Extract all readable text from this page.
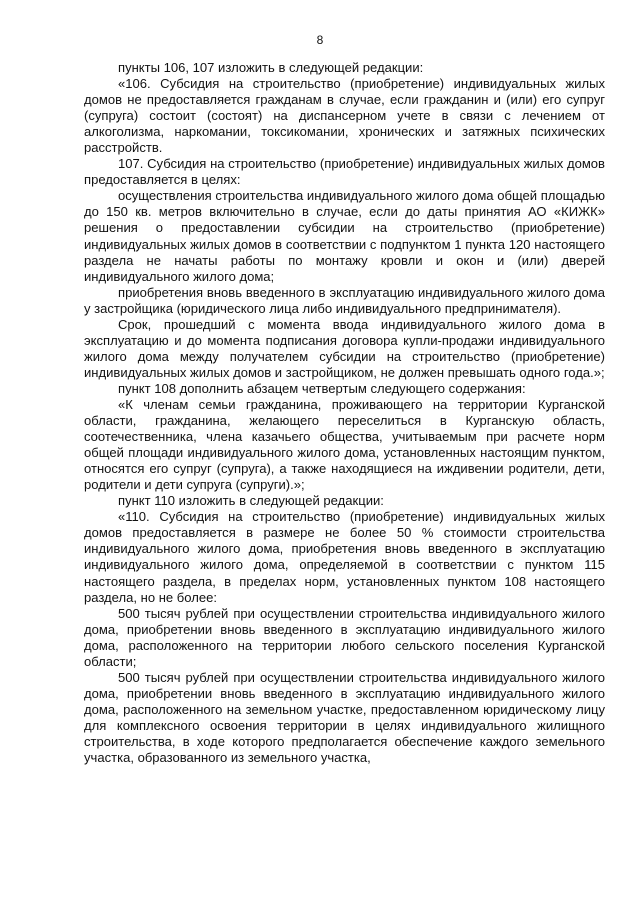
8

пункты 106, 107 изложить в следующей редакции:

«106. Субсидия на строительство (приобретение) индивидуальных жилых домов не предоставляется гражданам в случае, если гражданин и (или) его супруг (супруга) состоит (состоят) на диспансерном учете в связи с лечением от алкоголизма, наркомании, токсикомании, хронических и затяжных психических расстройств.

107. Субсидия на строительство (приобретение) индивидуальных жилых домов предоставляется в целях:

осуществления строительства индивидуального жилого дома общей площадью до 150 кв. метров включительно в случае, если до даты принятия АО «КИЖК» решения о предоставлении субсидии на строительство (приобретение) индивидуальных жилых домов в соответствии с подпунктом 1 пункта 120 настоящего раздела не начаты работы по монтажу кровли и окон и (или) дверей индивидуального жилого дома;

приобретения вновь введенного в эксплуатацию индивидуального жилого дома у застройщика (юридического лица либо индивидуального предпринимателя).

Срок, прошедший с момента ввода индивидуального жилого дома в эксплуатацию и до момента подписания договора купли-продажи индивидуального жилого дома между получателем субсидии на строительство (приобретение) индивидуальных жилых домов и застройщиком, не должен превышать одного года.»;

пункт 108 дополнить абзацем четвертым следующего содержания:

«К членам семьи гражданина, проживающего на территории Курганской области, гражданина, желающего переселиться в Курганскую область, соотечественника, члена казачьего общества, учитываемым при расчете норм общей площади индивидуального жилого дома, установленных настоящим пунктом, относятся его супруг (супруга), а также находящиеся на иждивении родители, дети, родители и дети супруга (супруги).»;

пункт 110 изложить в следующей редакции:

«110. Субсидия на строительство (приобретение) индивидуальных жилых домов предоставляется в размере не более 50 % стоимости строительства индивидуального жилого дома, приобретения вновь введенного в эксплуатацию индивидуального жилого дома, определяемой в соответствии с пунктом 115 настоящего раздела, в пределах норм, установленных пунктом 108 настоящего раздела, но не более:

500 тысяч рублей при осуществлении строительства индивидуального жилого дома, приобретении вновь введенного в эксплуатацию индивидуального жилого дома, расположенного на территории любого сельского поселения Курганской области;

500 тысяч рублей при осуществлении строительства индивидуального жилого дома, приобретении вновь введенного в эксплуатацию индивидуального жилого дома, расположенного на земельном участке, предоставленном юридическому лицу для комплексного освоения территории в целях индивидуального жилищного строительства, в ходе которого предполагается обеспечение каждого земельного участка, образованного из земельного участка,
